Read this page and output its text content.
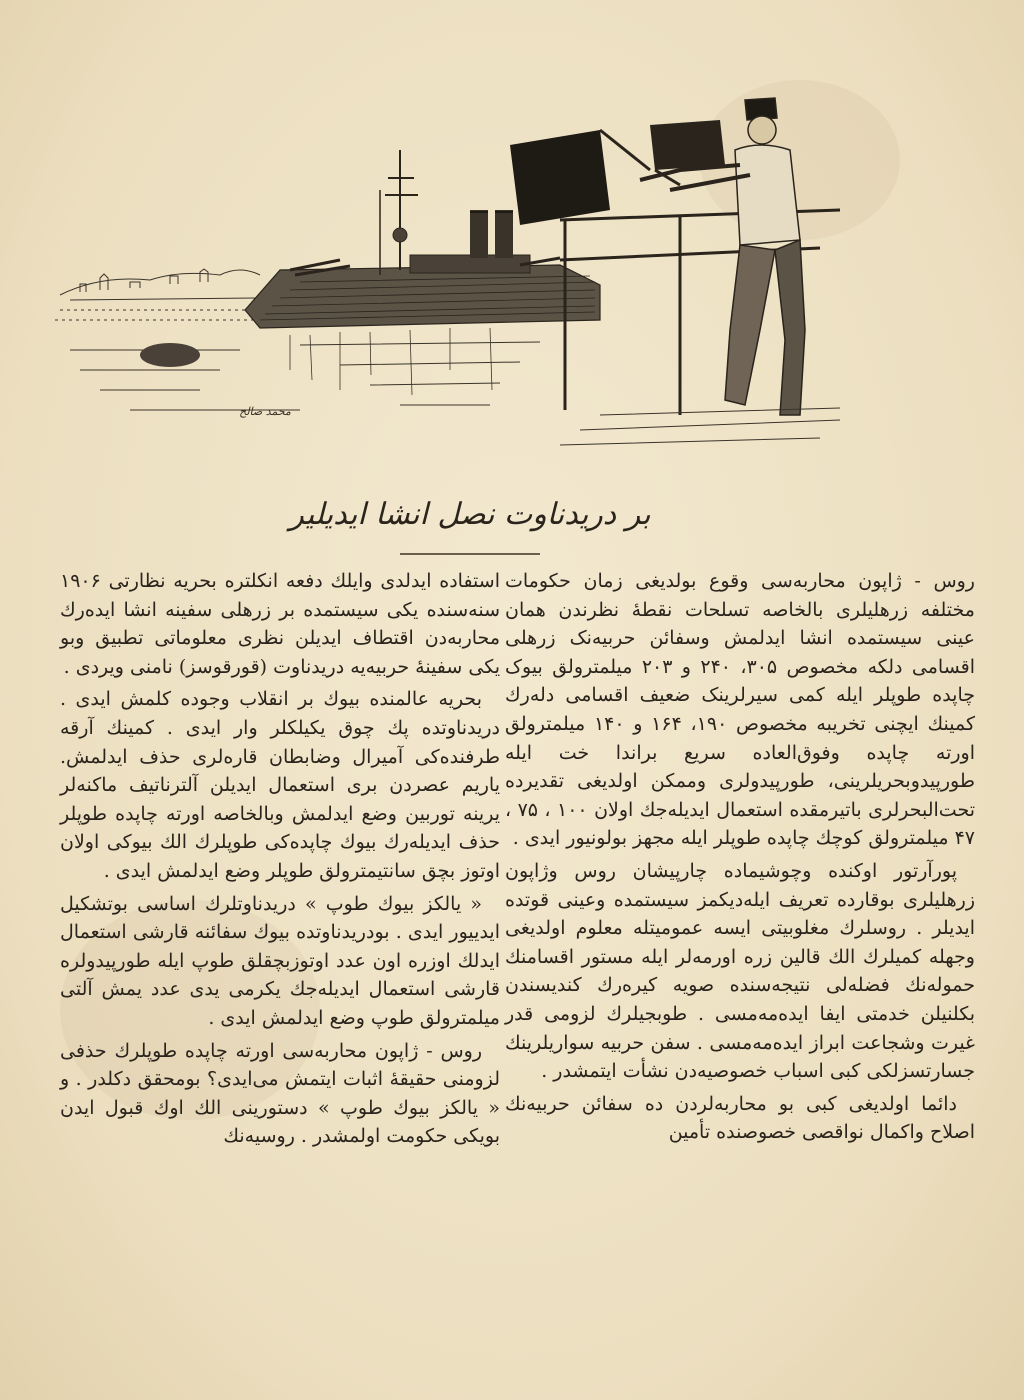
محمد صالح
بر دریدناوت نصل انشا ایدیلیر

روس - ژاپون محاربه‌سی وقوع بولدیغی زمان حکومات مختلفه زرهلیلری بالخاصه تسلحات نقطه‌ٔ نظرندن همان عینی سیستمده انشا ایدلمش وسفائن حربیه‌نک زرهلی اقسامی دلکه مخصوص ۳۰۵، ۲۴۰ و ۲۰۳ میلمترولق بیوک چاپده طوپلر ایله کمی سیرلرینک ضعیف اقسامی دله‌رك کمینك ایچنی تخریبه مخصوص ۱۹۰، ۱۶۴ و ۱۴۰ میلمترولق اورته چاپده وفوق‌العاده سریع براندا خت ایله طورپیدوبحریلرینی، طورپیدولری وممکن اولدیغی تقدیرده تحت‌البحرلری باتیرمقده استعمال ایدیله‌جك اولان ۱۰۰ ، ۷۵ ، ۴۷ میلمترولق کوچك چاپده طوپلر ایله مجهز بولونیور ایدی .

پورآرتور اوکنده وچوشیماده چارپیشان روس وژاپون زرهلیلری بوقارده تعریف ایله‌دیکمز سیستمده وعینی قوتده ایدیلر . روسلرك مغلوبیتی ایسه عمومیتله معلوم اولدیغی وجهله کمیلرك الك قالین زره اورمه‌لر ایله مستور اقسامنك حموله‌نك فضله‌لی نتیجه‌سنده صویه کیره‌رك کندیسندن بکلنیلن خدمتی ایفا ایده‌مه‌مسی . طوبجیلرك لزومی قدر غیرت وشجاعت ابراز ایده‌مه‌مسی . سفن حربیه سواریلرینك جسارتسزلکی کبی اسباب خصوصیه‌دن نشأت ایتمشدر .

دائما اولدیغی کبی بو محاربه‌لردن ده سفائن حربیه‌نك اصلاح واکمال نواقصی خصوصنده تأمین

استفاده ایدلدی وایلك دفعه انکلتره بحریه نظارتی ۱۹۰۶ سنه‌سنده یکی سیستمده بر زرهلی سفینه انشا ایده‌رك محاربه‌دن اقتطاف ایدیلن نظری معلوماتی تطبیق وبو یکی سفینهٔ حربیه‌یه دریدناوت (قورقوسز) نامنی ویردی .

بحریه عالمنده بیوك بر انقلاب وجوده کلمش ایدی . دریدناوتده پك چوق یکیلکلر وار ایدی . کمینك آرقه طرفنده‌کی آمیرال وضابطان قاره‌لری حذف ایدلمش. یاریم عصردن بری استعمال ایدیلن آلترناتیف ماکنه‌لر یرینه توربین وضع ایدلمش وبالخاصه اورته چاپده طوپلر حذف ایدیله‌رك بیوك چاپده‌کی طوپلرك الك بیوکی اولان اوتوز بچق سانتیمترولق طوپلر وضع ایدلمش ایدی .

« یالکز بیوك طوپ » دریدناوتلرك اساسی بوتشکیل ایدییور ایدی . بودریدناوتده بیوك سفائنه قارشی استعمال ایدلك اوزره اون عدد اوتوزبچقلق طوپ ایله طورپیدولره قارشی استعمال ایدیله‌جك یکرمی یدی عدد یمش آلتی میلمترولق طوپ وضع ایدلمش ایدی .

روس - ژاپون محاربه‌سی اورته چاپده طوپلرك حذفی لزومنی حقیقهٔ اثبات ایتمش می‌ایدی؟ بومحقق دکلدر . و « یالکز بیوك طوپ » دستورینی الك اوك قبول ایدن بویکی حکومت اولمشدر . روسیه‌نك
